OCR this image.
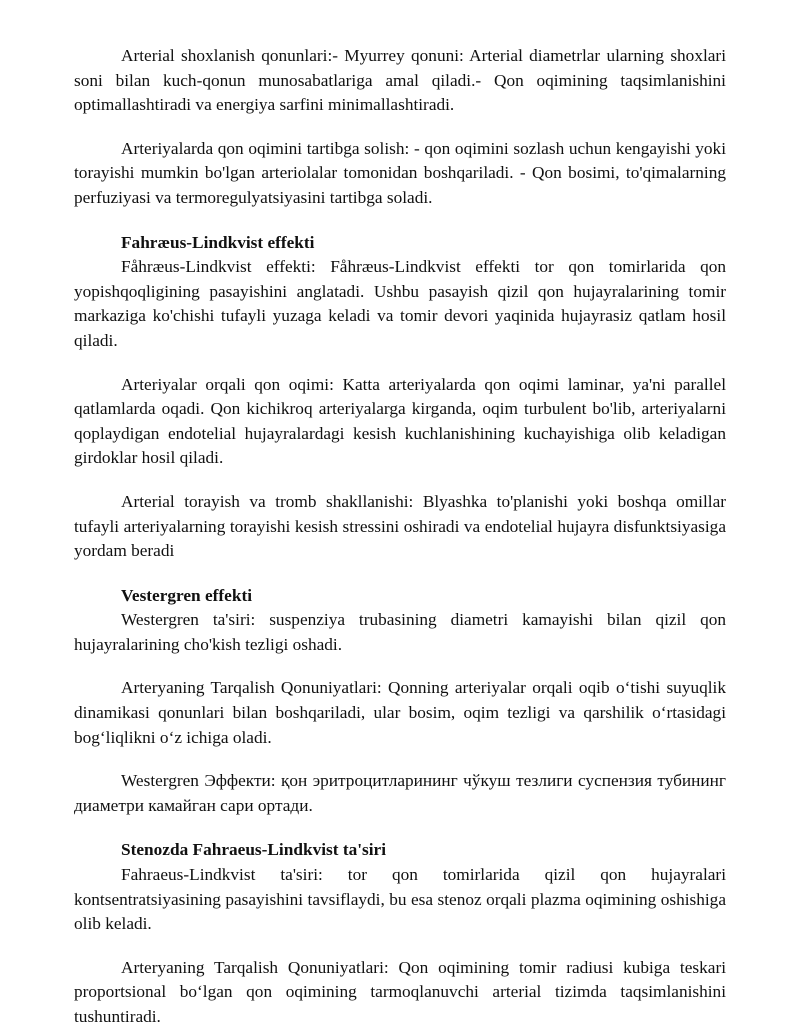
Arterial shoxlanish qonunlari:- Myurrey qonuni: Arterial diametrlar ularning shoxlari soni bilan kuch-qonun munosabatlariga amal qiladi.- Qon oqimining taqsimlanishini optimallashtiradi va energiya sarfini minimallashtiradi.

Arteriyalarda qon oqimini tartibga solish: - qon oqimini sozlash uchun kengayishi yoki torayishi mumkin bo'lgan arteriolalar tomonidan boshqariladi. - Qon bosimi, to'qimalarning perfuziyasi va termoregulyatsiyasini tartibga soladi.

Fahræus-Lindkvist effekti

Fåhræus-Lindkvist effekti: Fåhræus-Lindkvist effekti tor qon tomirlarida qon yopishqoqligining pasayishini anglatadi. Ushbu pasayish qizil qon hujayralarining tomir markaziga ko'chishi tufayli yuzaga keladi va tomir devori yaqinida hujayrasiz qatlam hosil qiladi.

Arteriyalar orqali qon oqimi: Katta arteriyalarda qon oqimi laminar, ya'ni parallel qatlamlarda oqadi. Qon kichikroq arteriyalarga kirganda, oqim turbulent bo'lib, arteriyalarni qoplaydigan endotelial hujayralardagi kesish kuchlanishining kuchayishiga olib keladigan girdoklar hosil qiladi.

Arterial torayish va tromb shakllanishi: Blyashka to'planishi yoki boshqa omillar tufayli arteriyalarning torayishi kesish stressini oshiradi va endotelial hujayra disfunktsiyasiga yordam beradi

Vestergren effekti

Westergren ta'siri: suspenziya trubasining diametri kamayishi bilan qizil qon hujayralarining cho'kish tezligi oshadi.

Arteryaning Tarqalish Qonuniyatlari: Qonning arteriyalar orqali oqib o‘tishi suyuqlik dinamikasi qonunlari bilan boshqariladi, ular bosim, oqim tezligi va qarshilik o‘rtasidagi bog‘liqlikni o‘z ichiga oladi.

Westergren Эффекти: қон эритроцитларининг чўкуш тезлиги суспензия тубининг диаметри камайган сари ортади.

Stenozda Fahraeus-Lindkvist ta'siri

Fahraeus-Lindkvist ta'siri: tor qon tomirlarida qizil qon hujayralari kontsentratsiyasining pasayishini tavsiflaydi, bu esa stenoz orqali plazma oqimining oshishiga olib keladi.

Arteryaning Tarqalish Qonuniyatlari: Qon oqimining tomir radiusi kubiga teskari proportsional bo‘lgan qon oqimining tarmoqlanuvchi arterial tizimda taqsimlanishini tushuntiradi.
